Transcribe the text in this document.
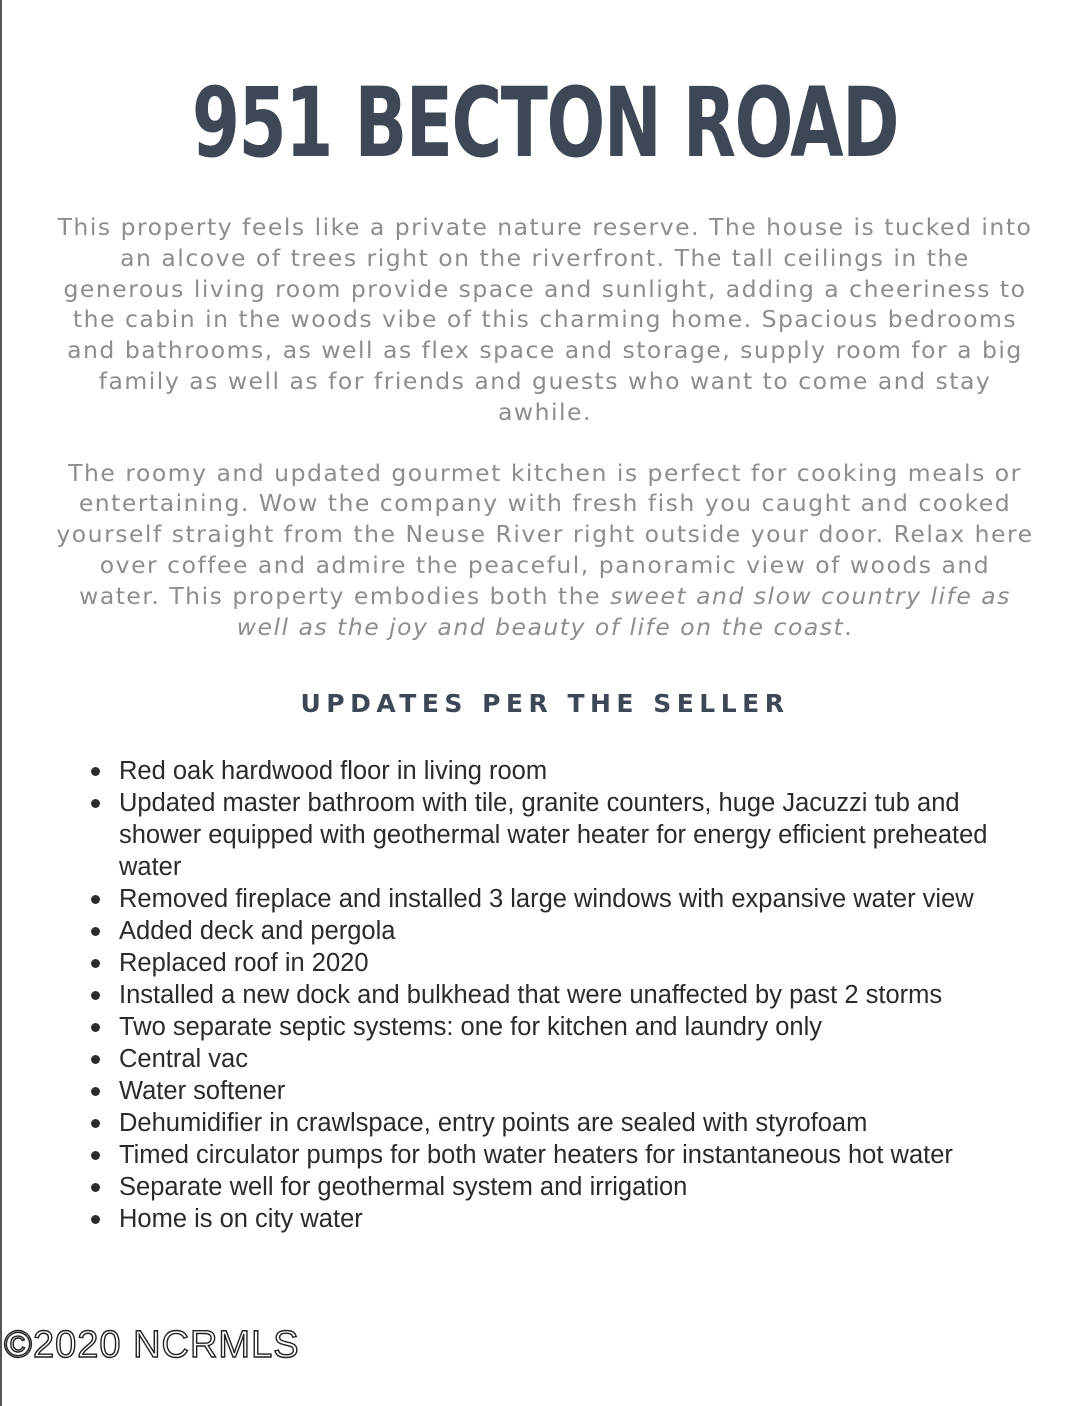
951 BECTON ROAD

This property feels like a private nature reserve. The house is tucked into an alcove of trees right on the riverfront. The tall ceilings in the generous living room provide space and sunlight, adding a cheeriness to the cabin in the woods vibe of this charming home. Spacious bedrooms and bathrooms, as well as flex space and storage, supply room for a big family as well as for friends and guests who want to come and stay awhile.

The roomy and updated gourmet kitchen is perfect for cooking meals or entertaining. Wow the company with fresh fish you caught and cooked yourself straight from the Neuse River right outside your door. Relax here over coffee and admire the peaceful, panoramic view of woods and water. This property embodies both the sweet and slow country life as well as the joy and beauty of life on the coast.

UPDATES PER THE SELLER
Red oak hardwood floor in living room
Updated master bathroom with tile, granite counters, huge Jacuzzi tub and shower equipped with geothermal water heater for energy efficient preheated water
Removed fireplace and installed 3 large windows with expansive water view
Added deck and pergola
Replaced roof in 2020
Installed a new dock and bulkhead that were unaffected by past 2 storms
Two separate septic systems: one for kitchen and laundry only
Central vac
Water softener
Dehumidifier in crawlspace, entry points are sealed with styrofoam
Timed circulator pumps for both water heaters for instantaneous hot water
Separate well for geothermal system and irrigation
Home is on city water
©2020 NCRMLS
